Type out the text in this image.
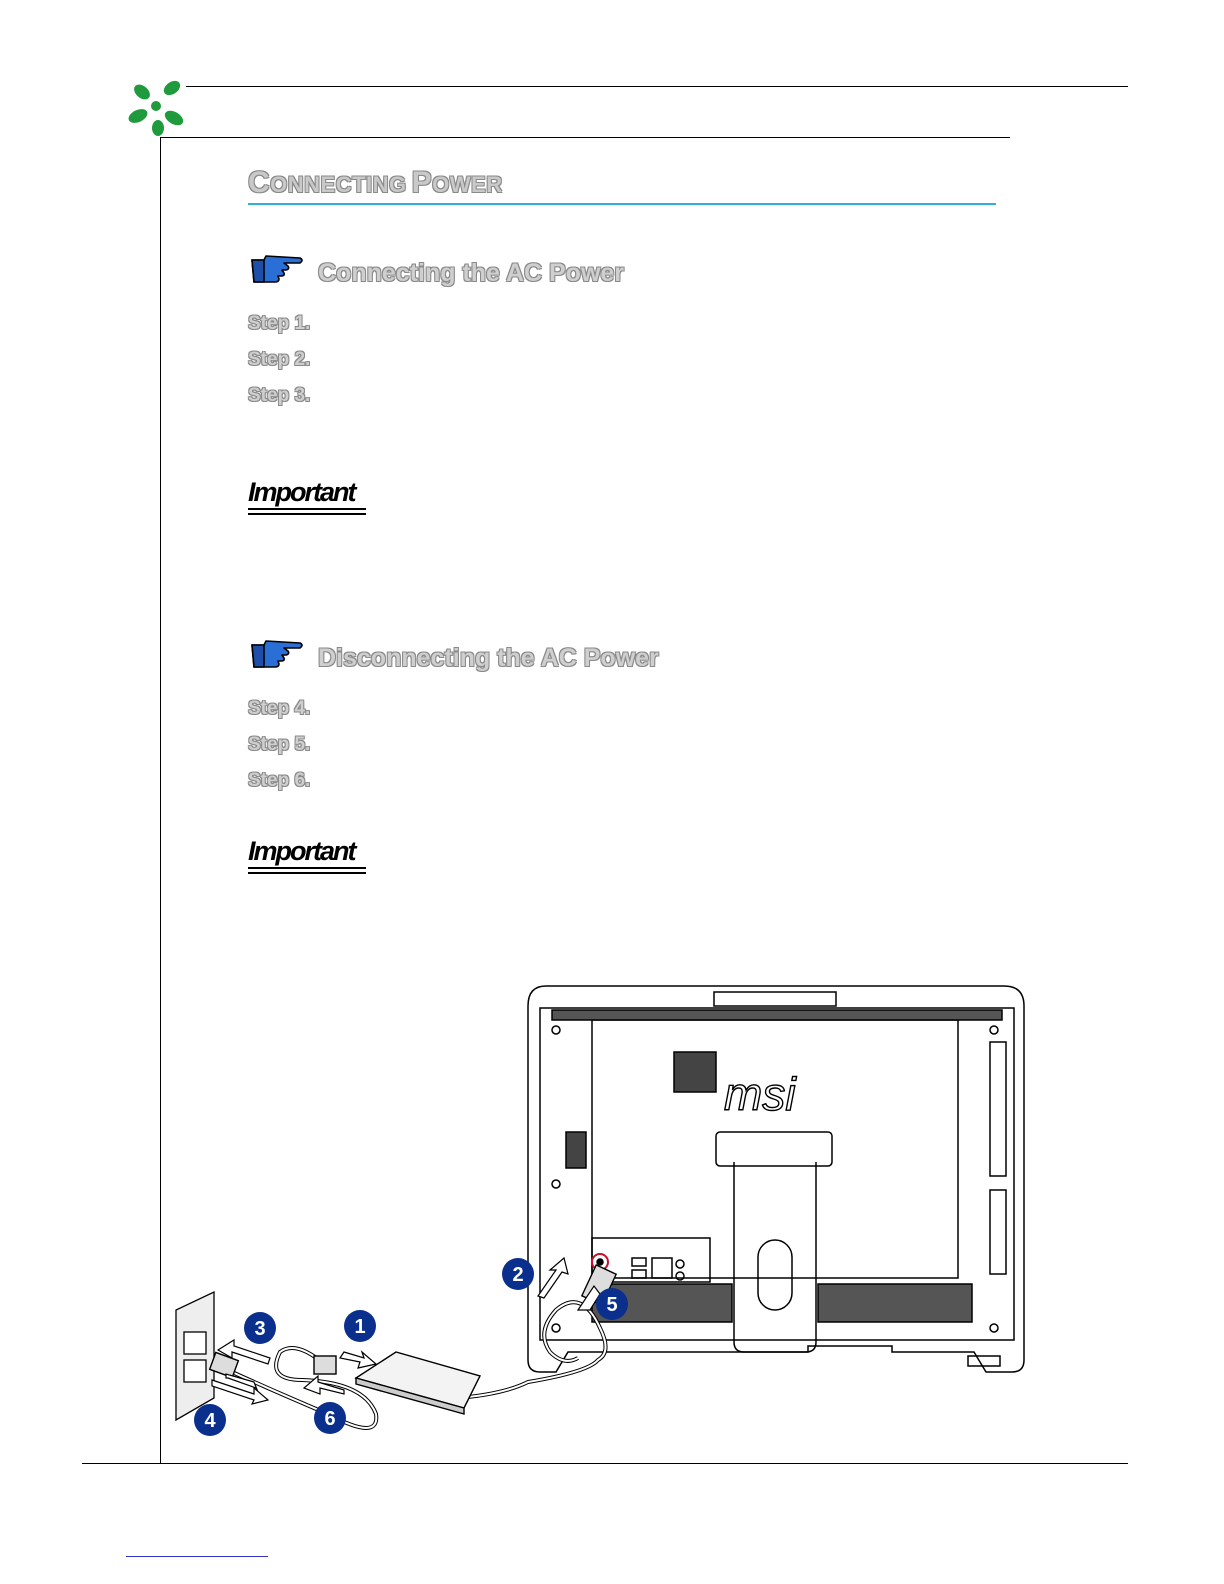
CONNECTING POWER
Connecting the AC Power
Step 1.
Step 2.
Step 3.
Important
Disconnecting the AC Power
Step 4.
Step 5.
Step 6.
Important
msi
1
2
3
4
5
6
